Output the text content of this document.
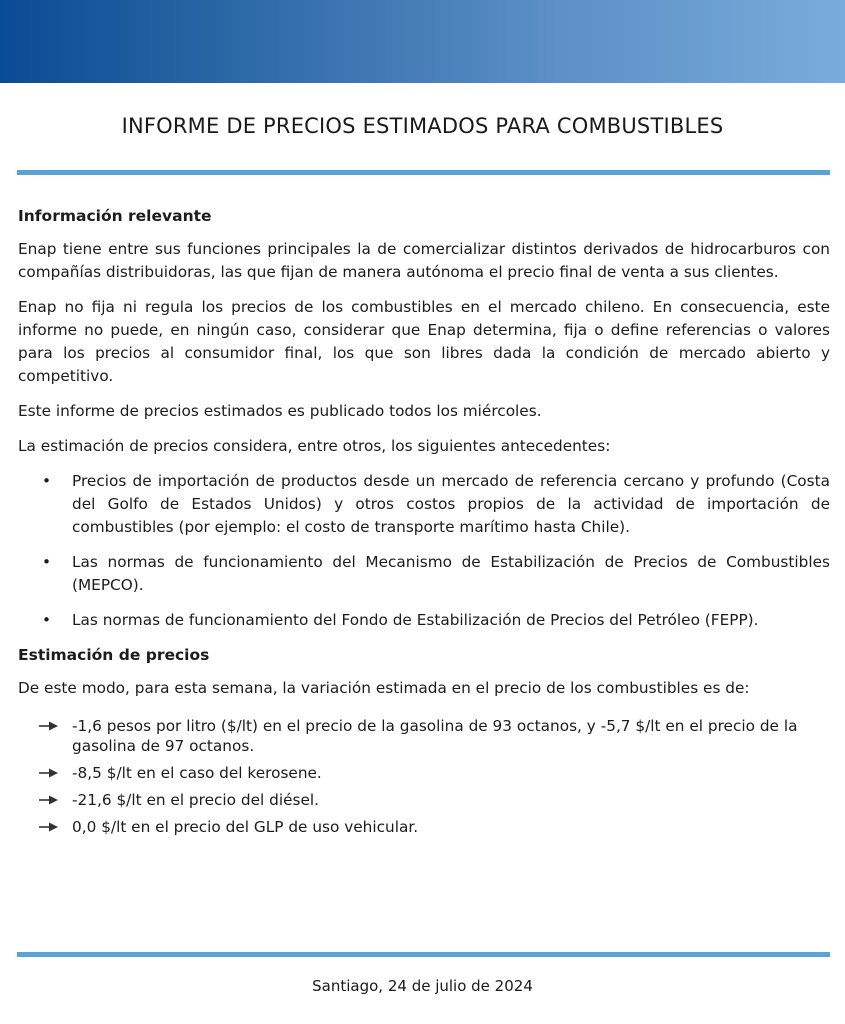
INFORME DE PRECIOS ESTIMADOS PARA COMBUSTIBLES
Información relevante

Enap tiene entre sus funciones principales la de comercializar distintos derivados de hidrocarburos con compañías distribuidoras, las que fijan de manera autónoma el precio final de venta a sus clientes.

Enap no fija ni regula los precios de los combustibles en el mercado chileno. En consecuencia, este informe no puede, en ningún caso, considerar que Enap determina, fija o define referencias o valores para los precios al consumidor final, los que son libres dada la condición de mercado abierto y competitivo.

Este informe de precios estimados es publicado todos los miércoles.

La estimación de precios considera, entre otros, los siguientes antecedentes:

• Precios de importación de productos desde un mercado de referencia cercano y profundo (Costa del Golfo de Estados Unidos) y otros costos propios de la actividad de importación de combustibles (por ejemplo: el costo de transporte marítimo hasta Chile).
• Las normas de funcionamiento del Mecanismo de Estabilización de Precios de Combustibles (MEPCO).
• Las normas de funcionamiento del Fondo de Estabilización de Precios del Petróleo (FEPP).
Estimación de precios

De este modo, para esta semana, la variación estimada en el precio de los combustibles es de:

-1,6 pesos por litro ($/lt) en el precio de la gasolina de 93 octanos, y -5,7 $/lt en el precio de la gasolina de 97 octanos.
-8,5 $/lt en el caso del kerosene.
-21,6 $/lt en el precio del diésel.
0,0 $/lt en el precio del GLP de uso vehicular.
Santiago, 24 de julio de 2024
